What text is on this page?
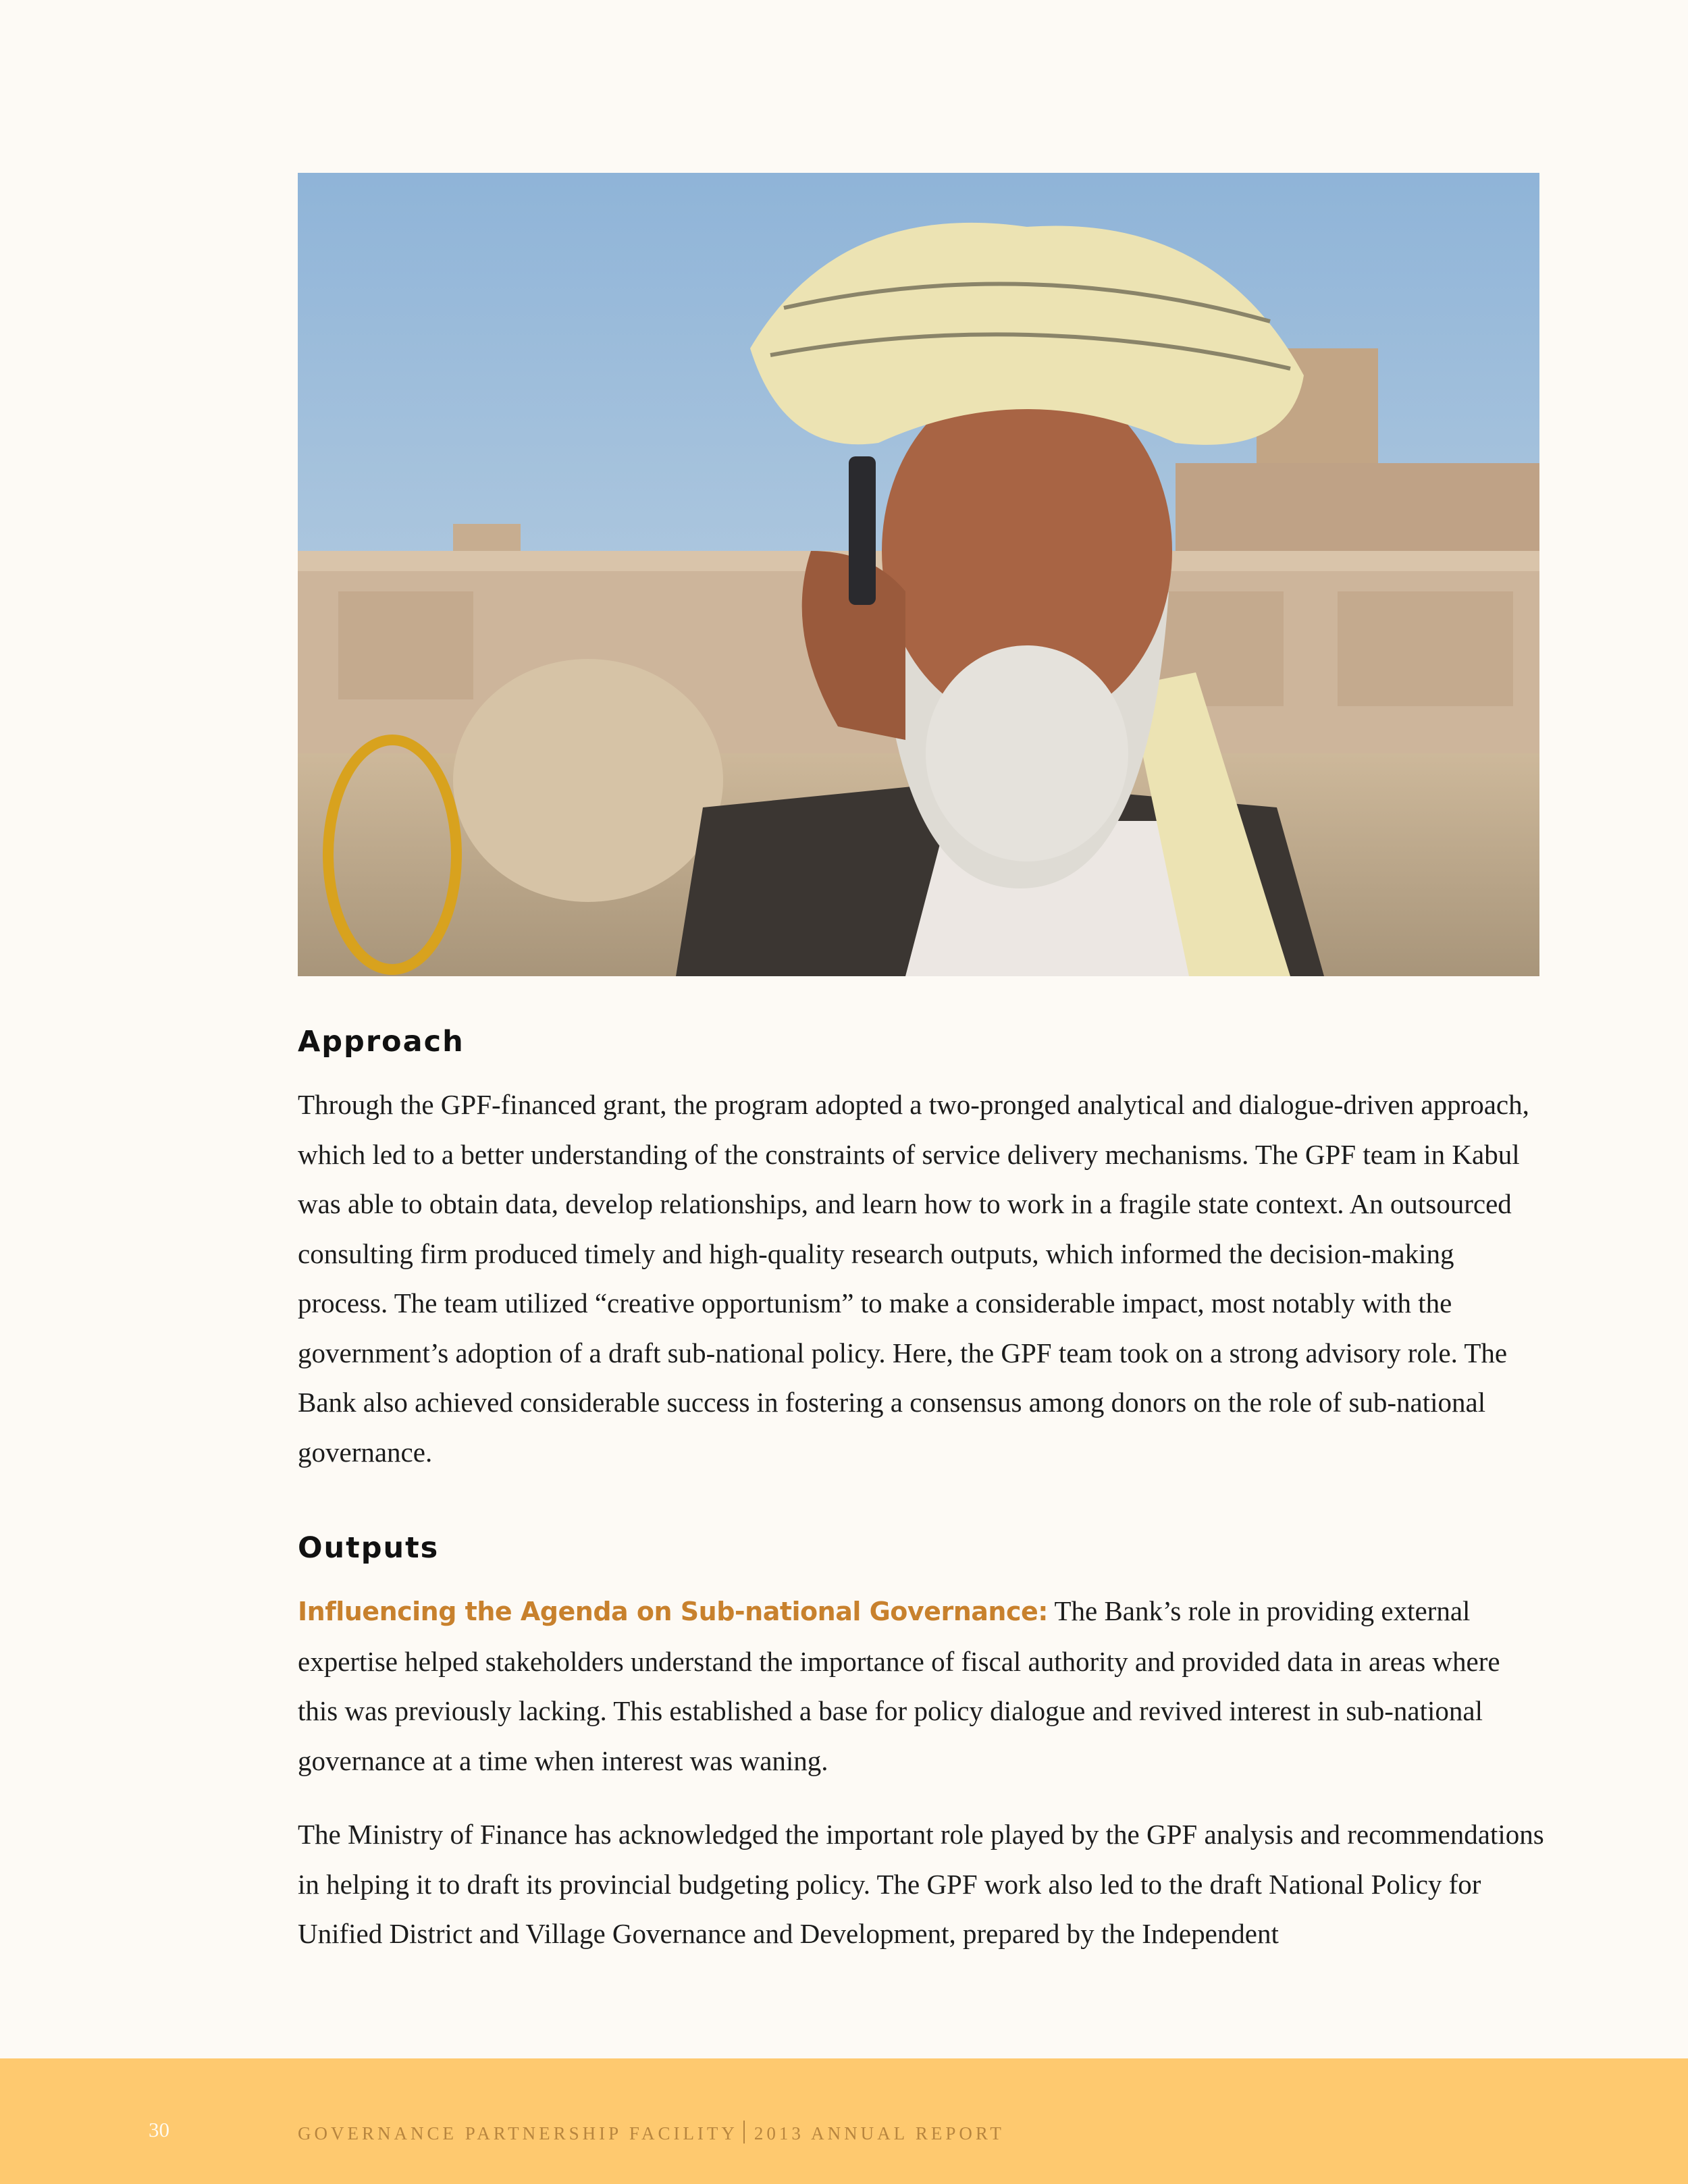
Approach

Through the GPF-financed grant, the program adopted a two-pronged analytical and dialogue-driven approach, which led to a better understanding of the constraints of service delivery mechanisms. The GPF team in Kabul was able to obtain data, develop relationships, and learn how to work in a fragile state context. An outsourced consulting firm produced timely and high-quality research outputs, which informed the decision-making process. The team utilized “creative opportunism” to make a considerable impact, most notably with the government’s adoption of a draft sub-national policy. Here, the GPF team took on a strong advisory role. The Bank also achieved considerable success in fostering a consensus among donors on the role of sub-national governance.

Outputs

Influencing the Agenda on Sub-national Governance: The Bank’s role in providing external expertise helped stakeholders understand the importance of fiscal authority and provided data in areas where this was previously lacking. This established a base for policy dialogue and revived interest in sub-national governance at a time when interest was waning.

The Ministry of Finance has acknowledged the important role played by the GPF analysis and recommendations in helping it to draft its provincial budgeting policy. The GPF work also led to the draft National Policy for Unified District and Village Governance and Development, prepared by the Independent

30	GOVERNANCE PARTNERSHIP FACILITY 2013 ANNUAL REPORT
